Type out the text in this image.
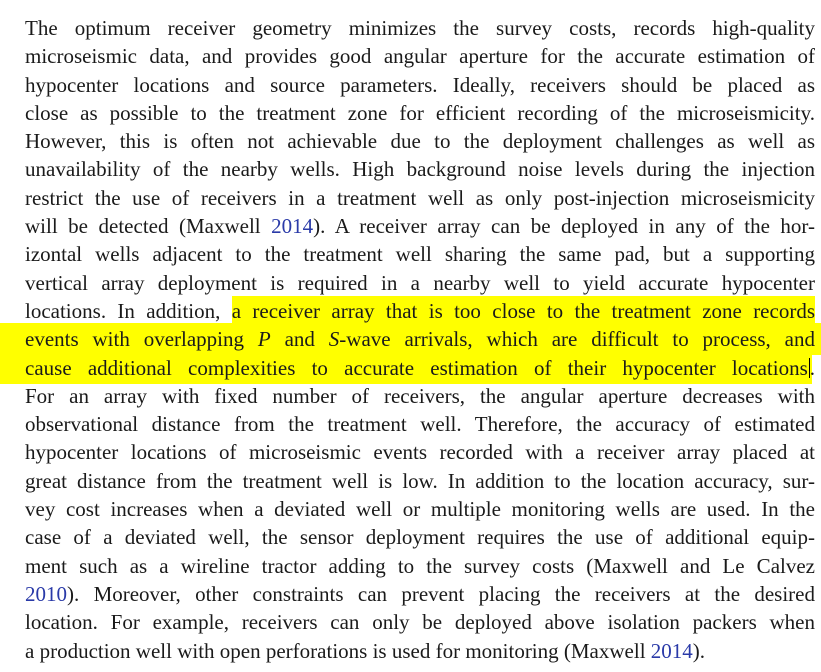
The optimum receiver geometry minimizes the survey costs, records high-quality
microseismic data, and provides good angular aperture for the accurate estimation of
hypocenter locations and source parameters. Ideally, receivers should be placed as
close as possible to the treatment zone for efficient recording of the microseismicity.
However, this is often not achievable due to the deployment challenges as well as
unavailability of the nearby wells. High background noise levels during the injection
restrict the use of receivers in a treatment well as only post-injection microseismicity
will be detected (Maxwell 2014). A receiver array can be deployed in any of the hor-
izontal wells adjacent to the treatment well sharing the same pad, but a supporting
vertical array deployment is required in a nearby well to yield accurate hypocenter
locations. In addition, a receiver array that is too close to the treatment zone records
events with overlapping P and S-wave arrivals, which are difficult to process, and
cause additional complexities to accurate estimation of their hypocenter locations.
For an array with fixed number of receivers, the angular aperture decreases with
observational distance from the treatment well. Therefore, the accuracy of estimated
hypocenter locations of microseismic events recorded with a receiver array placed at
great distance from the treatment well is low. In addition to the location accuracy, sur-
vey cost increases when a deviated well or multiple monitoring wells are used. In the
case of a deviated well, the sensor deployment requires the use of additional equip-
ment such as a wireline tractor adding to the survey costs (Maxwell and Le Calvez
2010). Moreover, other constraints can prevent placing the receivers at the desired
location. For example, receivers can only be deployed above isolation packers when
a production well with open perforations is used for monitoring (Maxwell 2014).
